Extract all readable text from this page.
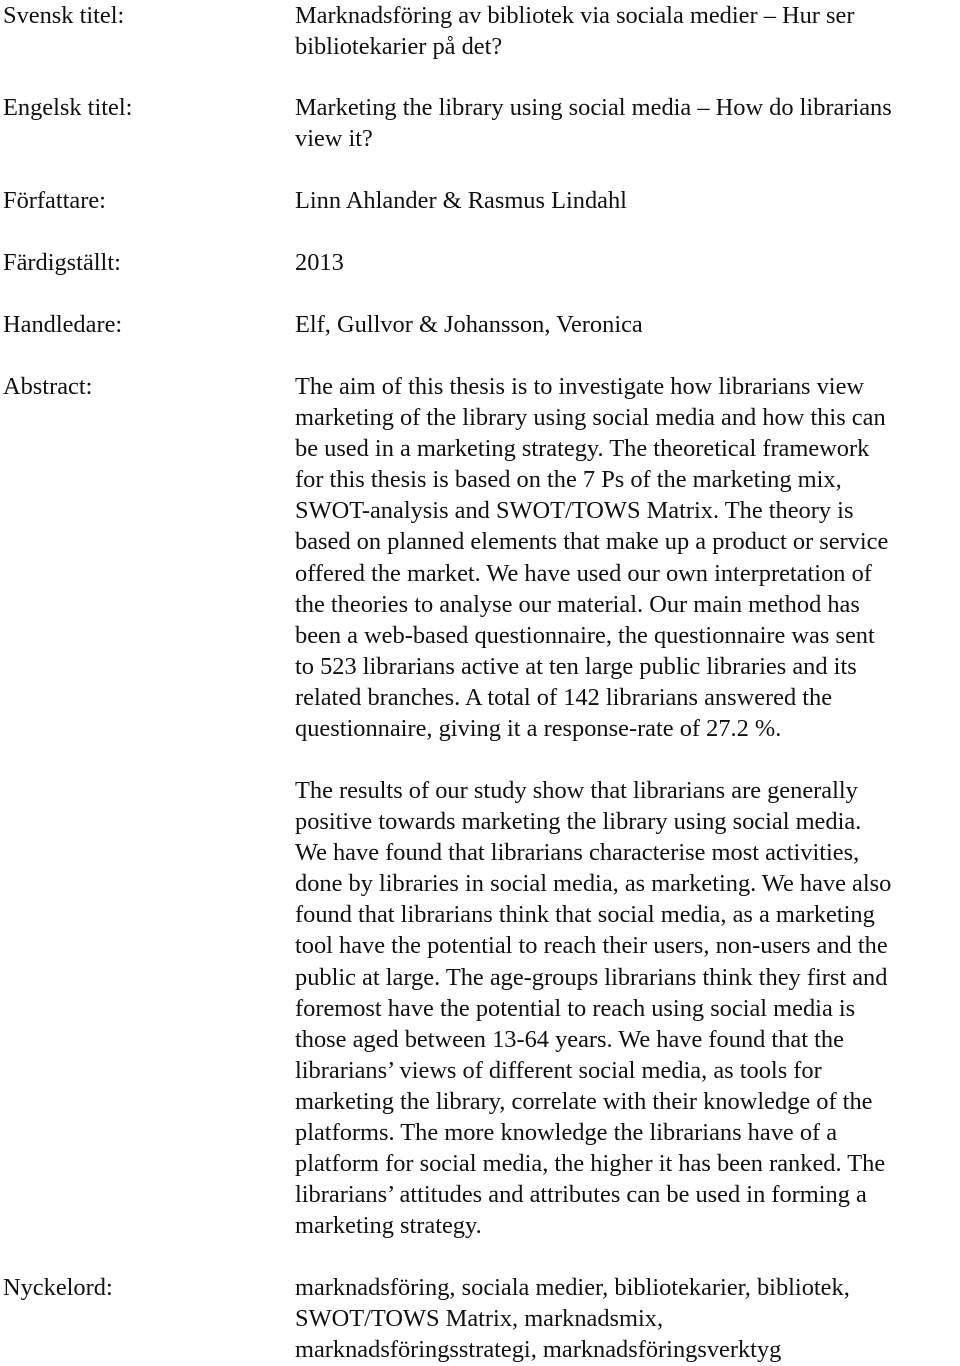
Svensk titel:	Marknadsföring av bibliotek via sociala medier – Hur ser
bibliotekarier på det?
Engelsk titel:	Marketing the library using social media – How do librarians
view it?
Författare:	Linn Ahlander & Rasmus Lindahl
Färdigställt:	2013
Handledare:	Elf, Gullvor & Johansson, Veronica
Abstract:	The aim of this thesis is to investigate how librarians view
marketing of the library using social media and how this can
be used in a marketing strategy. The theoretical framework
for this thesis is based on the 7 Ps of the marketing mix,
SWOT-analysis and SWOT/TOWS Matrix. The theory is
based on planned elements that make up a product or service
offered the market. We have used our own interpretation of
the theories to analyse our material. Our main method has
been a web-based questionnaire, the questionnaire was sent
to 523 librarians active at ten large public libraries and its
related branches. A total of 142 librarians answered the
questionnaire, giving it a response-rate of 27.2 %.
The results of our study show that librarians are generally
positive towards marketing the library using social media.
We have found that librarians characterise most activities,
done by libraries in social media, as marketing. We have also
found that librarians think that social media, as a marketing
tool have the potential to reach their users, non-users and the
public at large. The age-groups librarians think they first and
foremost have the potential to reach using social media is
those aged between 13-64 years. We have found that the
librarians’ views of different social media, as tools for
marketing the library, correlate with their knowledge of the
platforms. The more knowledge the librarians have of a
platform for social media, the higher it has been ranked. The
librarians’ attitudes and attributes can be used in forming a
marketing strategy.
Nyckelord:	marknadsföring, sociala medier, bibliotekarier, bibliotek,
SWOT/TOWS Matrix, marknadsmix,
marknadsföringsstrategi, marknadsföringsverktyg
